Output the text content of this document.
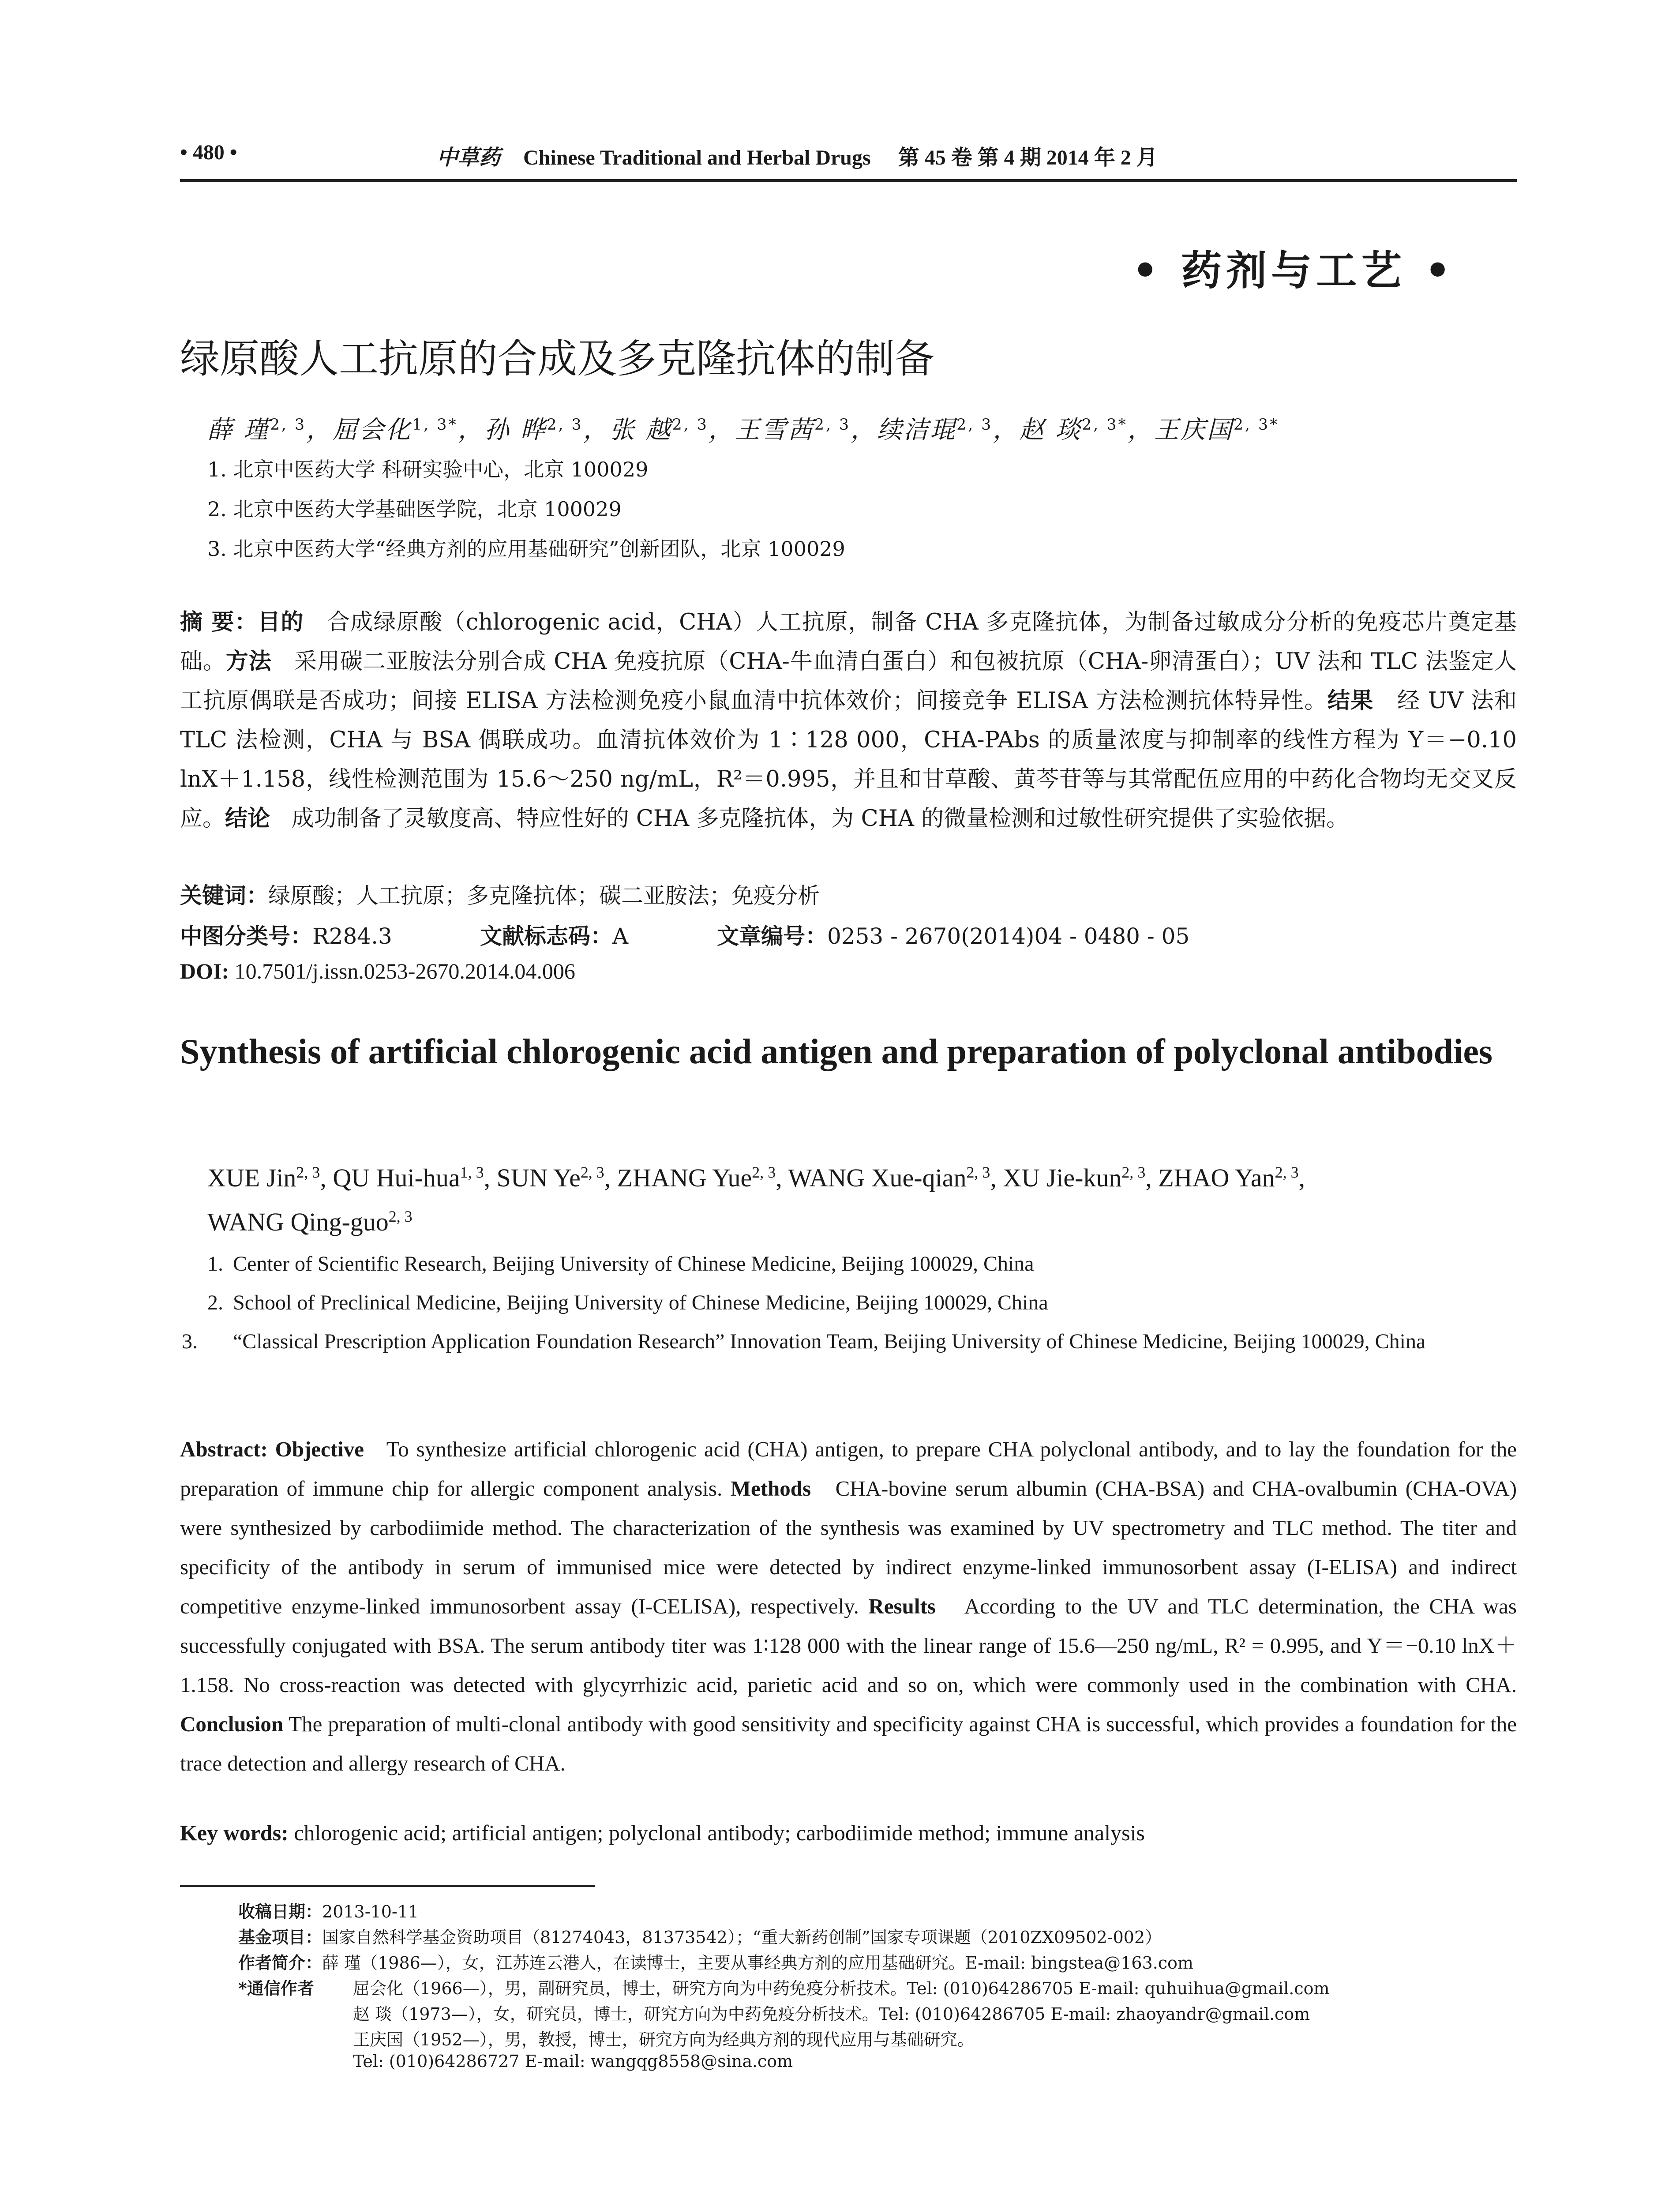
• 480 •	中草药 Chinese Traditional and Herbal Drugs 第 45 卷 第 4 期 2014 年 2 月
• 药剂与工艺 •
绿原酸人工抗原的合成及多克隆抗体的制备
薛 瑾$^{2, 3}$，屈会化$^{1, 3*}$，孙 晔$^{2, 3}$，张 越$^{2, 3}$，王雪茜$^{2, 3}$，续洁琨$^{2, 3}$，赵 琰$^{2, 3*}$，王庆国$^{2, 3*}$
1. 北京中医药大学 科研实验中心，北京 100029
2. 北京中医药大学基础医学院，北京 100029
3. 北京中医药大学“经典方剂的应用基础研究”创新团队，北京 100029
摘 要：目的 合成绿原酸（chlorogenic acid，CHA）人工抗原，制备 CHA 多克隆抗体，为制备过敏成分分析的免疫芯片奠定基础。方法 采用碳二亚胺法分别合成 CHA 免疫抗原（CHA-牛血清白蛋白）和包被抗原（CHA-卵清蛋白）；UV 法和 TLC 法鉴定人工抗原偶联是否成功；间接 ELISA 方法检测免疫小鼠血清中抗体效价；间接竞争 ELISA 方法检测抗体特异性。结果 经 UV 法和 TLC 法检测，CHA 与 BSA 偶联成功。血清抗体效价为 1∶128 000，CHA-PAbs 的质量浓度与抑制率的线性方程为 Y＝−0.10 lnX＋1.158，线性检测范围为 15.6～250 ng/mL，R²＝0.995，并且和甘草酸、黄芩苷等与其常配伍应用的中药化合物均无交叉反应。结论 成功制备了灵敏度高、特应性好的 CHA 多克隆抗体，为 CHA 的微量检测和过敏性研究提供了实验依据。
关键词：绿原酸；人工抗原；多克隆抗体；碳二亚胺法；免疫分析
中图分类号：R284.3	文献标志码：A	文章编号：0253 - 2670(2014)04 - 0480 - 05
DOI: 10.7501/j.issn.0253-2670.2014.04.006
Synthesis of artificial chlorogenic acid antigen and preparation of polyclonal antibodies
XUE Jin$^{2, 3}$, QU Hui-hua$^{1, 3}$, SUN Ye$^{2, 3}$, ZHANG Yue$^{2, 3}$, WANG Xue-qian$^{2, 3}$, XU Jie-kun$^{2, 3}$, ZHAO Yan$^{2, 3}$,
WANG Qing-guo$^{2, 3}$
1. Center of Scientific Research, Beijing University of Chinese Medicine, Beijing 100029, China
2. School of Preclinical Medicine, Beijing University of Chinese Medicine, Beijing 100029, China
3. “Classical Prescription Application Foundation Research” Innovation Team, Beijing University of Chinese Medicine, Beijing 100029, China
Abstract: Objective To synthesize artificial chlorogenic acid (CHA) antigen, to prepare CHA polyclonal antibody, and to lay the foundation for the preparation of immune chip for allergic component analysis. Methods CHA-bovine serum albumin (CHA-BSA) and CHA-ovalbumin (CHA-OVA) were synthesized by carbodiimide method. The characterization of the synthesis was examined by UV spectrometry and TLC method. The titer and specificity of the antibody in serum of immunised mice were detected by indirect enzyme-linked immunosorbent assay (I-ELISA) and indirect competitive enzyme-linked immunosorbent assay (I-CELISA), respectively. Results According to the UV and TLC determination, the CHA was successfully conjugated with BSA. The serum antibody titer was 1∶128 000 with the linear range of 15.6—250 ng/mL, R² = 0.995, and Y＝−0.10 lnX＋1.158. No cross-reaction was detected with glycyrrhizic acid, parietic acid and so on, which were commonly used in the combination with CHA. Conclusion The preparation of multi-clonal antibody with good sensitivity and specificity against CHA is successful, which provides a foundation for the trace detection and allergy research of CHA.
Key words: chlorogenic acid; artificial antigen; polyclonal antibody; carbodiimide method; immune analysis
收稿日期：2013-10-11
基金项目：国家自然科学基金资助项目（81274043，81373542）；“重大新药创制”国家专项课题（2010ZX09502-002）
作者简介：薛 瑾（1986—），女，江苏连云港人，在读博士，主要从事经典方剂的应用基础研究。E-mail: bingstea@163.com
*通信作者 屈会化（1966—），男，副研究员，博士，研究方向为中药免疫分析技术。Tel: (010)64286705 E-mail: quhuihua@gmail.com
赵 琰（1973—），女，研究员，博士，研究方向为中药免疫分析技术。Tel: (010)64286705 E-mail: zhaoyandr@gmail.com
王庆国（1952—），男，教授，博士，研究方向为经典方剂的现代应用与基础研究。
Tel: (010)64286727 E-mail: wangqg8558@sina.com
